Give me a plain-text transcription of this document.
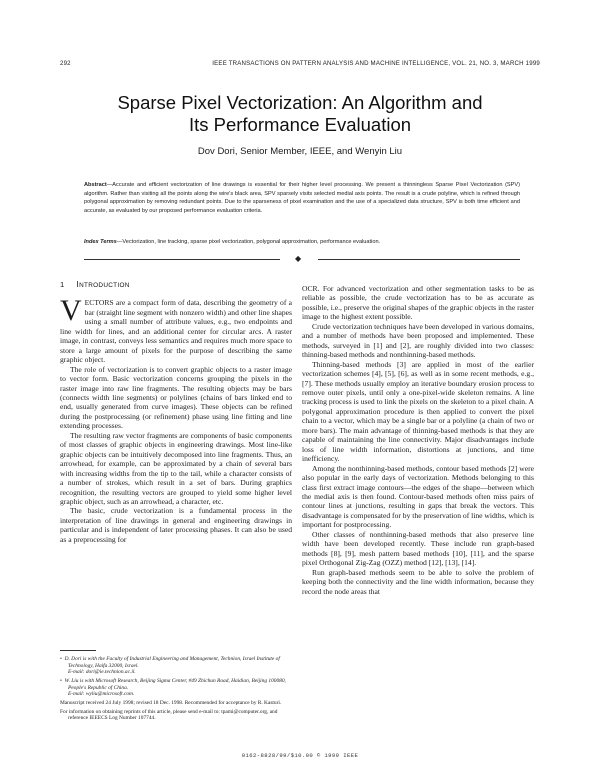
292	IEEE TRANSACTIONS ON PATTERN ANALYSIS AND MACHINE INTELLIGENCE, VOL. 21, NO. 3, MARCH 1999
Sparse Pixel Vectorization: An Algorithm and
Its Performance Evaluation
Dov Dori, Senior Member, IEEE, and Wenyin Liu
Abstract—Accurate and efficient vectorization of line drawings is essential for their higher level processing. We present a thinningless Sparse Pixel Vectorization (SPV) algorithm. Rather than visiting all the points along the wire's black area, SPV sparsely visits selected medial axis points. The result is a crude polyline, which is refined through polygonal approximation by removing redundant points. Due to the sparseness of pixel examination and the use of a specialized data structure, SPV is both time efficient and accurate, as evaluated by our proposed performance evaluation criteria.
Index Terms—Vectorization, line tracking, sparse pixel vectorization, polygonal approximation, performance evaluation.
◆
1 INTRODUCTION

VECTORS are a compact form of data, describing the geometry of a bar (straight line segment with nonzero width) and other line shapes using a small number of attribute values, e.g., two endpoints and line width for lines, and an additional center for circular arcs. A raster image, in contrast, conveys less semantics and requires much more space to store a large amount of pixels for the purpose of describing the same graphic object.

The role of vectorization is to convert graphic objects to a raster image to vector form. Basic vectorization concerns grouping the pixels in the raster image into raw line fragments. The resulting objects may be bars (connects width line segments) or polylines (chains of bars linked end to end, usually generated from curve images). These objects can be refined during the postprocessing (or refinement) phase using line fitting and line extending processes.

The resulting raw vector fragments are components of basic components of most classes of graphic objects in engineering drawings. Most line-like graphic objects can be intuitively decomposed into line fragments. Thus, an arrowhead, for example, can be approximated by a chain of several bars with increasing widths from the tip to the tail, while a character consists of a number of strokes, which result in a set of bars. During graphics recognition, the resulting vectors are grouped to yield some higher level graphic object, such as an arrowhead, a character, etc.

The basic, crude vectorization is a fundamental process in the interpretation of line drawings in general and engineering drawings in particular and is independent of later processing phases. It can also be used as a preprocessing for

•  D. Dori is with the Faculty of Industrial Engineering and Management, Technion, Israel Institute of Technology, Haifa 32000, Israel.
E-mail: dori@ie.technion.ac.il.
•  W. Liu is with Microsoft Research, Beijing Sigma Center, #49 Zhichun Road, Haidian, Beijing 100080, People's Republic of China.
E-mail: wyliu@microsoft.com.
Manuscript received 24 July 1998; revised 18 Dec. 1998. Recommended for acceptance by R. Kasturi.
For information on obtaining reprints of this article, please send e-mail to: tpami@computer.org, and reference IEEECS Log Number 107744.

OCR. For advanced vectorization and other segmentation tasks to be as reliable as possible, the crude vectorization has to be as accurate as possible, i.e., preserve the original shapes of the graphic objects in the raster image to the highest extent possible.

Crude vectorization techniques have been developed in various domains, and a number of methods have been proposed and implemented. These methods, surveyed in [1] and [2], are roughly divided into two classes: thinning-based methods and nonthinning-based methods.

Thinning-based methods [3] are applied in most of the earlier vectorization schemes [4], [5], [6], as well as in some recent methods, e.g., [7]. These methods usually employ an iterative boundary erosion process to remove outer pixels, until only a one-pixel-wide skeleton remains. A line tracking process is used to link the pixels on the skeleton to a pixel chain. A polygonal approximation procedure is then applied to convert the pixel chain to a vector, which may be a single bar or a polyline (a chain of two or more bars). The main advantage of thinning-based methods is that they are capable of maintaining the line connectivity. Major disadvantages include loss of line width information, distortions at junctions, and time inefficiency.

Among the nonthinning-based methods, contour based methods [2] were also popular in the early days of vectorization. Methods belonging to this class first extract image contours—the edges of the shape—between which the medial axis is then found. Contour-based methods often miss pairs of contour lines at junctions, resulting in gaps that break the vectors. This disadvantage is compensated for by the preservation of line widths, which is important for postprocessing.

Other classes of nonthinning-based methods that also preserve line width have been developed recently. These include run graph-based methods [8], [9], mesh pattern based methods [10], [11], and the sparse pixel Orthogonal Zig-Zag (OZZ) method [12], [13], [14].

Run graph-based methods seem to be able to solve the problem of keeping both the connectivity and the line width information, because they record the node areas that

0162-8828/99/$10.00 © 1999 IEEE
